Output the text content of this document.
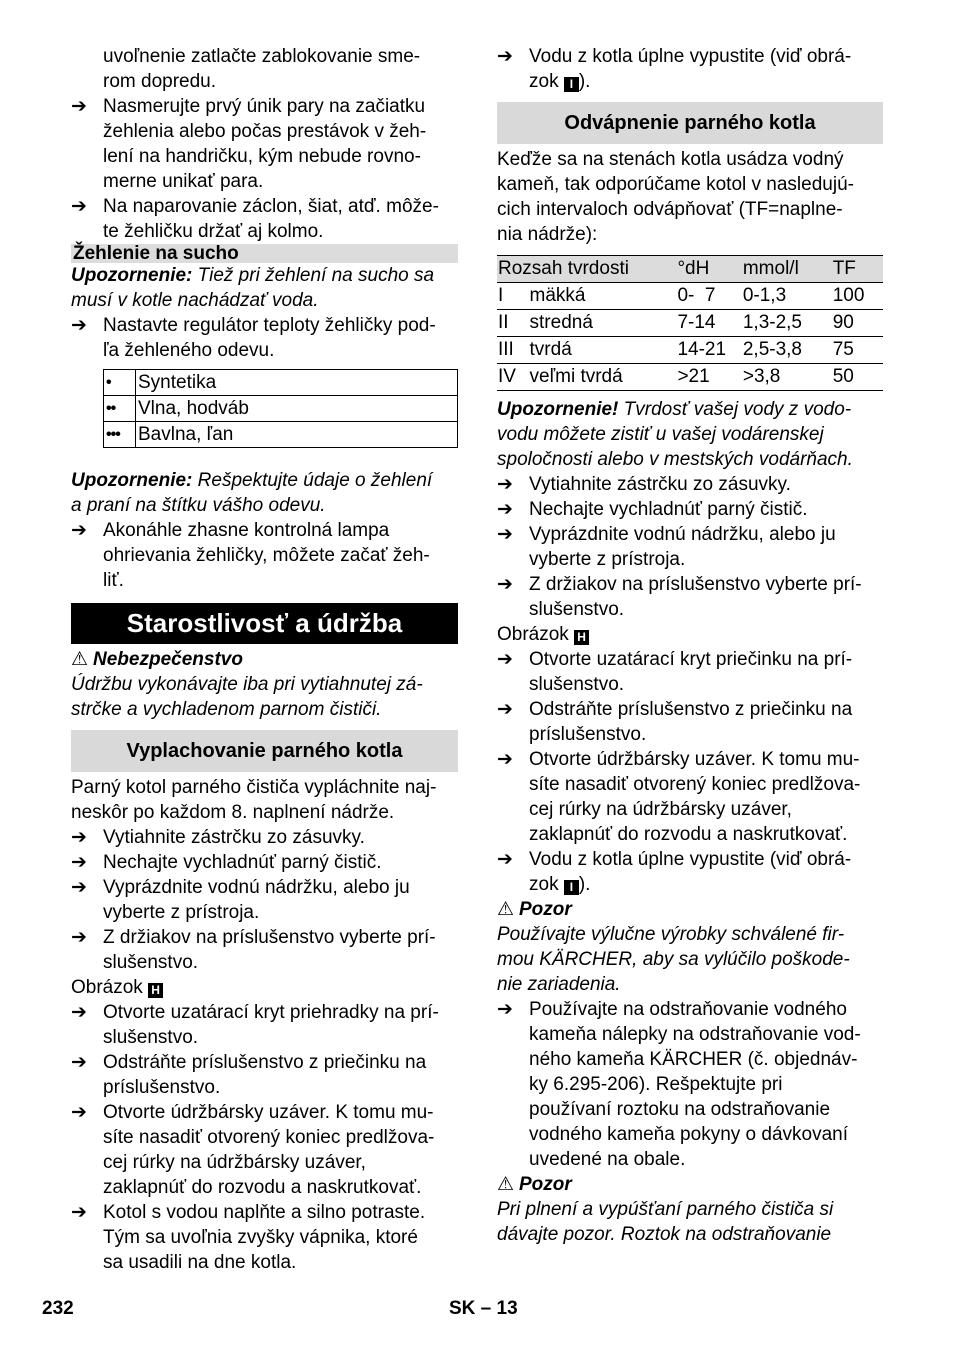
uvoľnenie zatlačte zablokovanie sme-
rom dopredu.
➔ Nasmerujte prvý únik pary na začiatku
žehlenia alebo počas prestávok v žeh-
lení na handričku, kým nebude rovno-
merne unikať para.
➔ Na naparovanie záclon, šiat, atď. môže-
te žehličku držať aj kolmo.
Žehlenie na sucho
Upozornenie: Tiež pri žehlení na sucho sa
musí v kotle nachádzať voda.
➔ Nastavte regulátor teploty žehličky pod-
ľa žehleného odevu.
•	Syntetika
••	Vlna, hodváb
•••	Bavlna, ľan
Upozornenie: Rešpektujte údaje o žehlení
a praní na štítku vášho odevu.
➔ Akonáhle zhasne kontrolná lampa
ohrievania žehličky, môžete začať žeh-
liť.
Starostlivosť a údržba
⚠ Nebezpečenstvo
Údržbu vykonávajte iba pri vytiahnutej zá-
strčke a vychladenom parnom čističi.
Vyplachovanie parného kotla
Parný kotol parného čističa vypláchnite naj-
neskôr po každom 8. naplnení nádrže.
➔ Vytiahnite zástrčku zo zásuvky.
➔ Nechajte vychladnúť parný čistič.
➔ Vyprázdnite vodnú nádržku, alebo ju
vyberte z prístroja.
➔ Z držiakov na príslušenstvo vyberte prí-
slušenstvo.
Obrázok H
➔ Otvorte uzatárací kryt priehradky na prí-
slušenstvo.
➔ Odstráňte príslušenstvo z priečinku na
príslušenstvo.
➔ Otvorte údržbársky uzáver. K tomu mu-
síte nasadiť otvorený koniec predlžova-
cej rúrky na údržbársky uzáver,
zaklapnúť do rozvodu a naskrutkovať.
➔ Kotol s vodou naplňte a silno potraste.
Tým sa uvoľnia zvyšky vápnika, ktoré
sa usadili na dne kotla.
➔ Vodu z kotla úplne vypustite (viď obrá-
zok I ).
Odvápnenie parného kotla
Keďže sa na stenách kotla usádza vodný
kameň, tak odporúčame kotol v nasledujú-
cich intervaloch odvápňovať (TF=naplne-
nia nádrže):
Rozsah tvrdosti		°dH	mmol/l	TF
I	mäkká	0-  7	0-1,3	100
II	stredná	7-14	1,3-2,5	90
III	tvrdá	14-21	2,5-3,8	75
IV	veľmi tvrdá	>21	>3,8	50
Upozornenie! Tvrdosť vašej vody z vodo-
vodu môžete zistiť u vašej vodárenskej
spoločnosti alebo v mestských vodárňach.
➔ Vytiahnite zástrčku zo zásuvky.
➔ Nechajte vychladnúť parný čistič.
➔ Vyprázdnite vodnú nádržku, alebo ju
vyberte z prístroja.
➔ Z držiakov na príslušenstvo vyberte prí-
slušenstvo.
Obrázok H
➔ Otvorte uzatárací kryt priečinku na prí-
slušenstvo.
➔ Odstráňte príslušenstvo z priečinku na
príslušenstvo.
➔ Otvorte údržbársky uzáver. K tomu mu-
síte nasadiť otvorený koniec predlžova-
cej rúrky na údržbársky uzáver,
zaklapnúť do rozvodu a naskrutkovať.
➔ Vodu z kotla úplne vypustite (viď obrá-
zok I ).
⚠ Pozor
Používajte výlučne výrobky schválené fir-
mou KÄRCHER, aby sa vylúčilo poškode-
nie zariadenia.
➔ Používajte na odstraňovanie vodného
kameňa nálepky na odstraňovanie vod-
ného kameňa KÄRCHER (č. objednáv-
ky 6.295-206). Rešpektujte pri
používaní roztoku na odstraňovanie
vodného kameňa pokyny o dávkovaní
uvedené na obale.
⚠ Pozor
Pri plnení a vypúšťaní parného čističa si
dávajte pozor. Roztok na odstraňovanie
232	SK – 13
